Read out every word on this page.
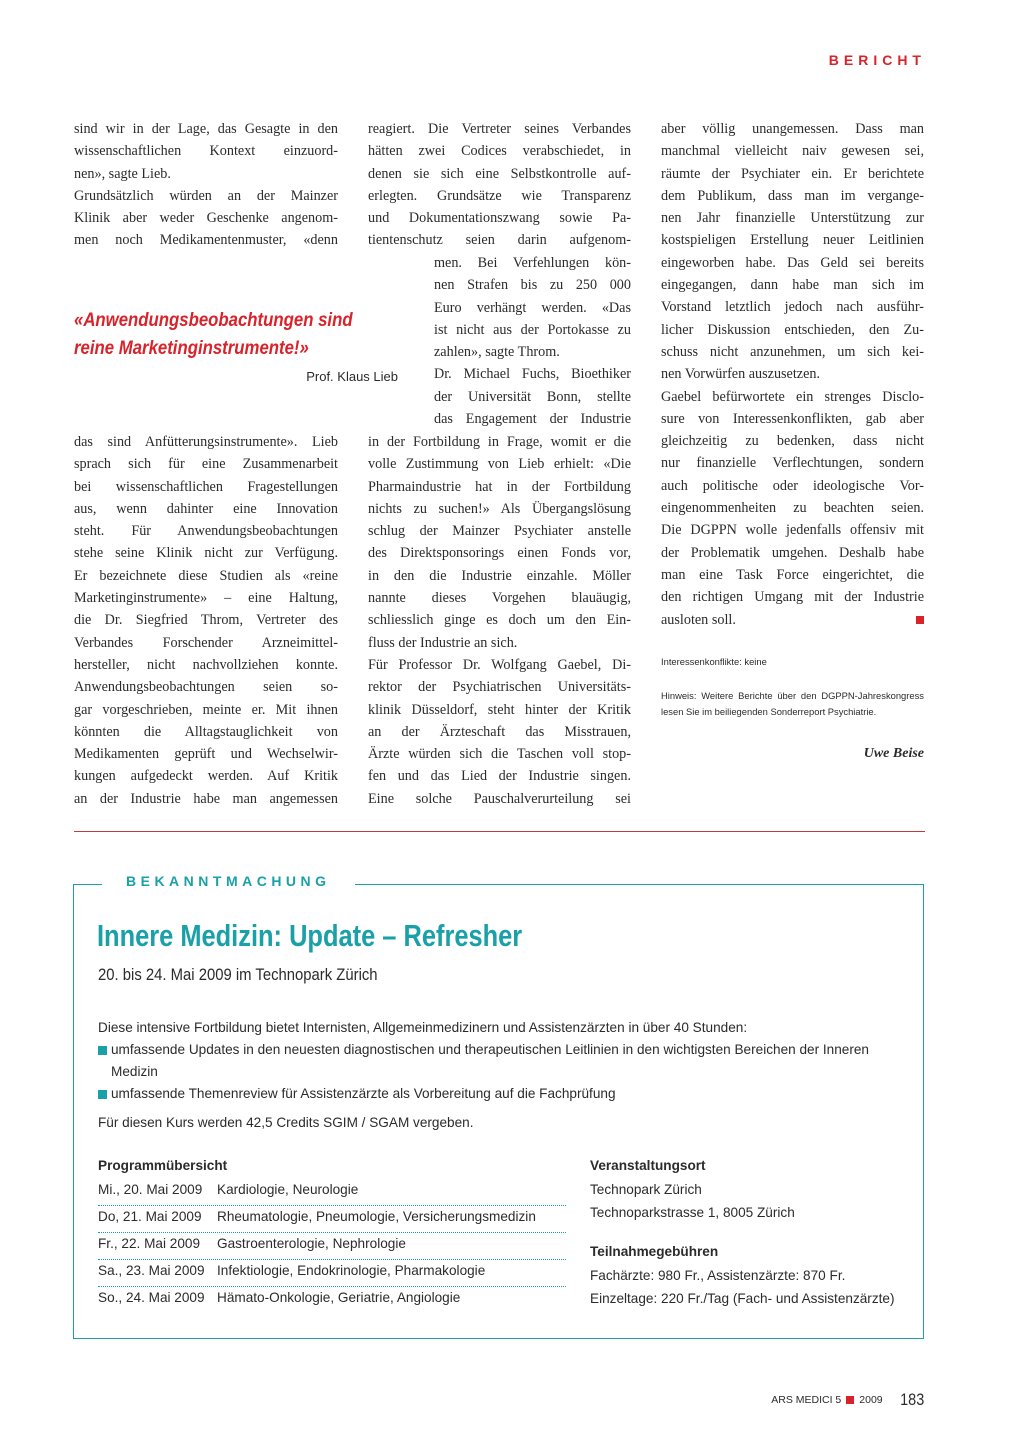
BERICHT
sind wir in der Lage, das Gesagte in den
wissenschaftlichen Kontext einzuord-
nen», sagte Lieb.
Grundsätzlich würden an der Mainzer
Klinik aber weder Geschenke angenom-
men noch Medikamentenmuster, «denn
«Anwendungsbeobachtungen sind
reine Marketinginstrumente!»
Prof. Klaus Lieb
das sind Anfütterungsinstrumente». Lieb
sprach sich für eine Zusammenarbeit
bei wissenschaftlichen Fragestellungen
aus, wenn dahinter eine Innovation
steht. Für Anwendungsbeobachtungen
stehe seine Klinik nicht zur Verfügung.
Er bezeichnete diese Studien als «reine
Marketinginstrumente» – eine Haltung,
die Dr. Siegfried Throm, Vertreter des
Verbandes Forschender Arzneimittel-
hersteller, nicht nachvollziehen konnte.
Anwendungsbeobachtungen seien so-
gar vorgeschrieben, meinte er. Mit ihnen
könnten die Alltagstauglichkeit von
Medikamenten geprüft und Wechselwir-
kungen aufgedeckt werden. Auf Kritik
an der Industrie habe man angemessen
reagiert. Die Vertreter seines Verbandes
hätten zwei Codices verabschiedet, in
denen sie sich eine Selbstkontrolle auf-
erlegten. Grundsätze wie Transparenz
und Dokumentationszwang sowie Pa-
tientenschutz seien darin aufgenom-
men. Bei Verfehlungen kön-
nen Strafen bis zu 250 000
Euro verhängt werden. «Das
ist nicht aus der Portokasse zu
zahlen», sagte Throm.
Dr. Michael Fuchs, Bioethiker
der Universität Bonn, stellte
das Engagement der Industrie
in der Fortbildung in Frage, womit er die
volle Zustimmung von Lieb erhielt: «Die
Pharmaindustrie hat in der Fortbildung
nichts zu suchen!» Als Übergangslösung
schlug der Mainzer Psychiater anstelle
des Direktsponsorings einen Fonds vor,
in den die Industrie einzahle. Möller
nannte dieses Vorgehen blauäugig,
schliesslich ginge es doch um den Ein-
fluss der Industrie an sich.
Für Professor Dr. Wolfgang Gaebel, Di-
rektor der Psychiatrischen Universitäts-
klinik Düsseldorf, steht hinter der Kritik
an der Ärzteschaft das Misstrauen,
Ärzte würden sich die Taschen voll stop-
fen und das Lied der Industrie singen.
Eine solche Pauschalverurteilung sei
aber völlig unangemessen. Dass man
manchmal vielleicht naiv gewesen sei,
räumte der Psychiater ein. Er berichtete
dem Publikum, dass man im vergange-
nen Jahr finanzielle Unterstützung zur
kostspieligen Erstellung neuer Leitlinien
eingeworben habe. Das Geld sei bereits
eingegangen, dann habe man sich im
Vorstand letztlich jedoch nach ausführ-
licher Diskussion entschieden, den Zu-
schuss nicht anzunehmen, um sich kei-
nen Vorwürfen auszusetzen.
Gaebel befürwortete ein strenges Disclo-
sure von Interessenkonflikten, gab aber
gleichzeitig zu bedenken, dass nicht
nur finanzielle Verflechtungen, sondern
auch politische oder ideologische Vor-
eingenommenheiten zu beachten seien.
Die DGPPN wolle jedenfalls offensiv mit
der Problematik umgehen. Deshalb habe
man eine Task Force eingerichtet, die
den richtigen Umgang mit der Industrie
ausloten soll.
Interessenkonflikte: keine
Hinweis: Weitere Berichte über den DGPPN-Jahreskongress lesen Sie im beiliegenden Sonderreport Psychiatrie.
Uwe Beise
BEKANNTMACHUNG
Innere Medizin: Update – Refresher
20. bis 24. Mai 2009 im Technopark Zürich
Diese intensive Fortbildung bietet Internisten, Allgemeinmedizinern und Assistenzärzten in über 40 Stunden:
umfassende Updates in den neuesten diagnostischen und therapeutischen Leitlinien in den wichtigsten Bereichen der Inneren Medizin
umfassende Themenreview für Assistenzärzte als Vorbereitung auf die Fachprüfung
Für diesen Kurs werden 42,5 Credits SGIM / SGAM vergeben.
Programmübersicht
Mi., 20. Mai 2009 Kardiologie, Neurologie
Do, 21. Mai 2009 Rheumatologie, Pneumologie, Versicherungsmedizin
Fr., 22. Mai 2009 Gastroenterologie, Nephrologie
Sa., 23. Mai 2009 Infektiologie, Endokrinologie, Pharmakologie
So., 24. Mai 2009 Hämato-Onkologie, Geriatrie, Angiologie
Veranstaltungsort
Technopark Zürich
Technoparkstrasse 1, 8005 Zürich
Teilnahmegebühren
Fachärzte: 980 Fr., Assistenzärzte: 870 Fr.
Einzeltage: 220 Fr./Tag (Fach- und Assistenzärzte)
ARS MEDICI 5 2009 183
